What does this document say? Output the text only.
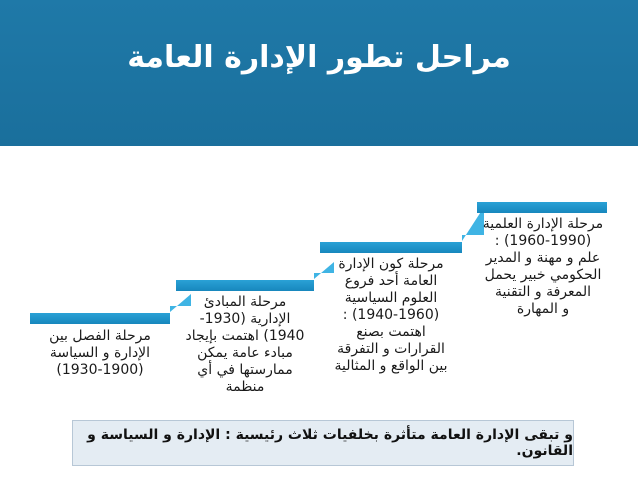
مراحل تطور الإدارة العامة
مرحلة الفصل بين
الإدارة و السياسة
(1930-1900)
مرحلة المبادئ
الإدارية (1930-
1940) اهتمت بإيجاد
مبادء عامة يمكن
ممارستها في أي
منظمة
مرحلة كون الإدارة
العامة أحد فروع
العلوم السياسية
(1940-1960) :
اهتمت بصنع
القرارات و التفرقة
بين الواقع و المثالية
مرحلة الإدارة العلمية
(1960-1990) :
علم و مهنة و المدير
الحكومي خبير يحمل
المعرفة و التقنية
و المهارة
و تبقى الإدارة العامة متأثرة بخلفيات ثلاث رئيسية : الإدارة و السياسة و القانون.
